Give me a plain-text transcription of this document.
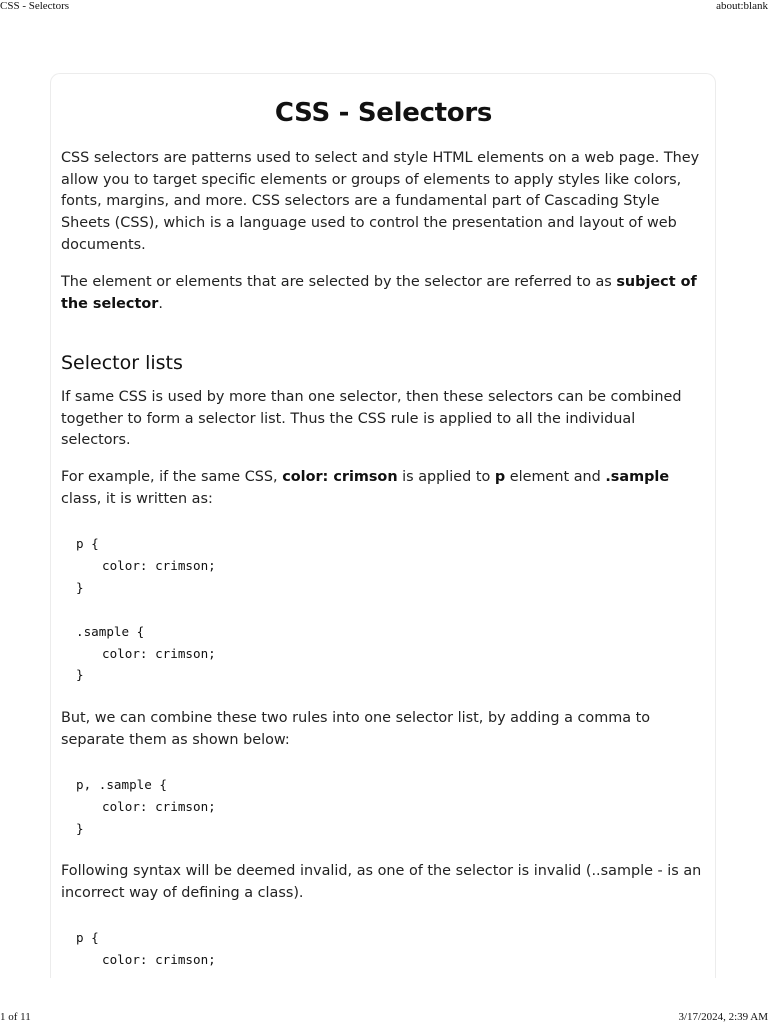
CSS - Selectors	about:blank
CSS - Selectors

CSS selectors are patterns used to select and style HTML elements on a web page. They allow you to target specific elements or groups of elements to apply styles like colors, fonts, margins, and more. CSS selectors are a fundamental part of Cascading Style Sheets (CSS), which is a language used to control the presentation and layout of web documents.

The element or elements that are selected by the selector are referred to as subject of the selector.

Selector lists

If same CSS is used by more than one selector, then these selectors can be combined together to form a selector list. Thus the CSS rule is applied to all the individual selectors.

For example, if the same CSS, color: crimson is applied to p element and .sample class, it is written as:

p {
color: crimson;
}

.sample {
color: crimson;
}

But, we can combine these two rules into one selector list, by adding a comma to separate them as shown below:

p, .sample {
color: crimson;
}

Following syntax will be deemed invalid, as one of the selector is invalid (..sample - is an incorrect way of defining a class).

p {
color: crimson;
1 of 11	3/17/2024, 2:39 AM
